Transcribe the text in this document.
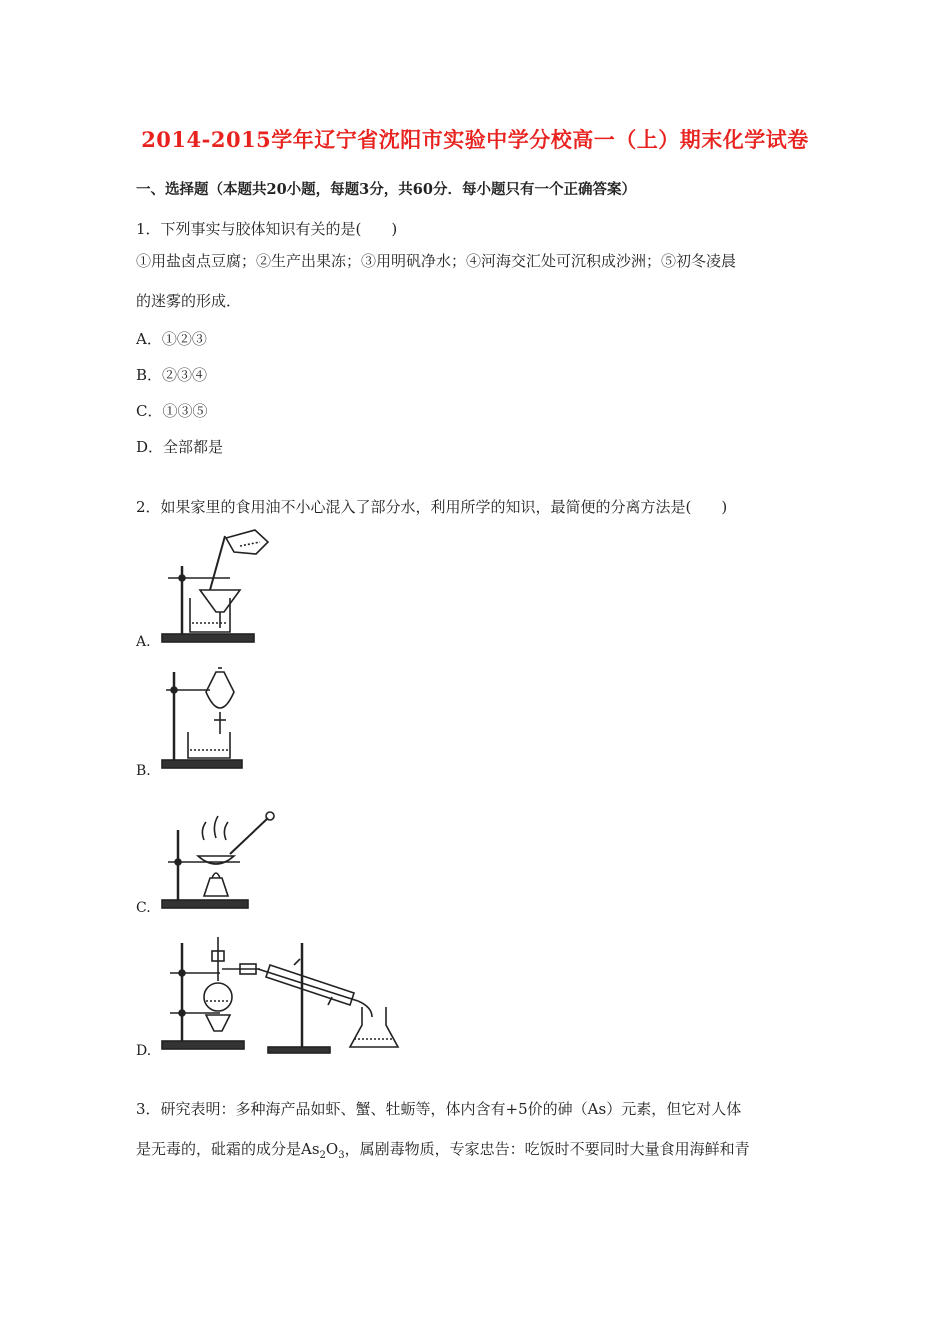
2014-2015学年辽宁省沈阳市实验中学分校高一（上）期末化学试卷
一、选择题（本题共20小题，每题3分，共60分．每小题只有一个正确答案）
1．下列事实与胶体知识有关的是(　　)
①用盐卤点豆腐；②生产出果冻；③用明矾净水；④河海交汇处可沉积成沙洲；⑤初冬凌晨
的迷雾的形成．
A．①②③
B．②③④
C．①③⑤
D．全部都是
2．如果家里的食用油不小心混入了部分水，利用所学的知识，最简便的分离方法是(　　)
A.
B.
C.
D.
3．研究表明：多种海产品如虾、蟹、牡蛎等，体内含有+5价的砷（As）元素，但它对人体
是无毒的，砒霜的成分是$As_2O_3$，属剧毒物质，专家忠告：吃饭时不要同时大量食用海鲜和青
